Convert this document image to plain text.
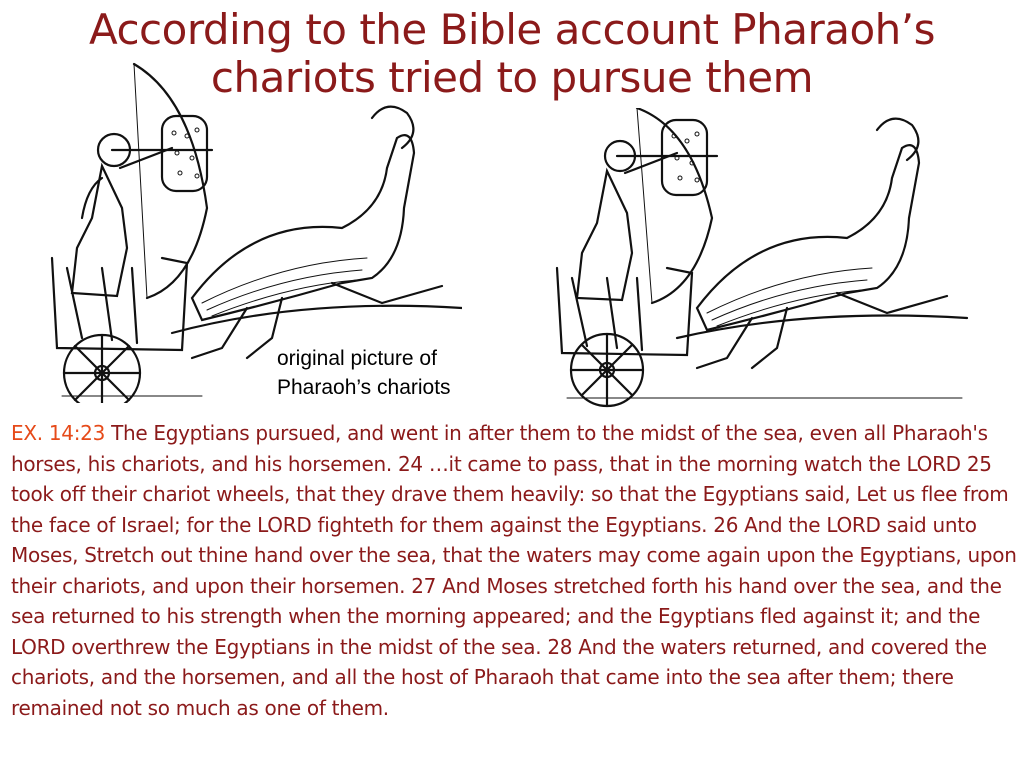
According to the Bible account Pharaoh’s
chariots tried to pursue them
original picture of
Pharaoh’s chariots
EX. 14:23 The Egyptians pursued, and went in after them to the midst of the sea, even all Pharaoh's horses, his chariots, and his horsemen. 24 …it came to pass, that in the morning watch the LORD 25 took off their chariot wheels, that they drave them heavily: so that the Egyptians said, Let us flee from the face of Israel; for the LORD fighteth for them against the Egyptians. 26 And the LORD said unto Moses, Stretch out thine hand over the sea, that the waters may come again upon the Egyptians, upon their chariots, and upon their horsemen. 27 And Moses stretched forth his hand over the sea, and the sea returned to his strength when the morning appeared; and the Egyptians fled against it; and the LORD overthrew the Egyptians in the midst of the sea. 28 And the waters returned, and covered the chariots, and the horsemen, and all the host of Pharaoh that came into the sea after them; there remained not so much as one of them.
